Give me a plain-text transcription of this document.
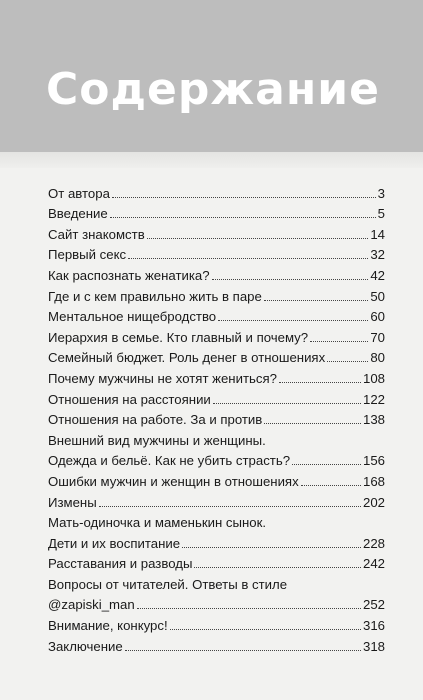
Содержание
От автора	3
Введение	5
Сайт знакомств	14
Первый секс	32
Как распознать женатика?	42
Где и с кем правильно жить в паре	50
Ментальное нищебродство	60
Иерархия в семье. Кто главный и почему?	70
Семейный бюджет. Роль денег в отношениях	80
Почему мужчины не хотят жениться?	108
Отношения на расстоянии	122
Отношения на работе. За и против	138
Внешний вид мужчины и женщины.
Одежда и бельё. Как не убить страсть?	156
Ошибки мужчин и женщин в отношениях	168
Измены	202
Мать-одиночка и маменькин сынок.
Дети и их воспитание	228
Расставания и разводы	242
Вопросы от читателей. Ответы в стиле
@zapiski_man	252
Внимание, конкурс!	316
Заключение	318
